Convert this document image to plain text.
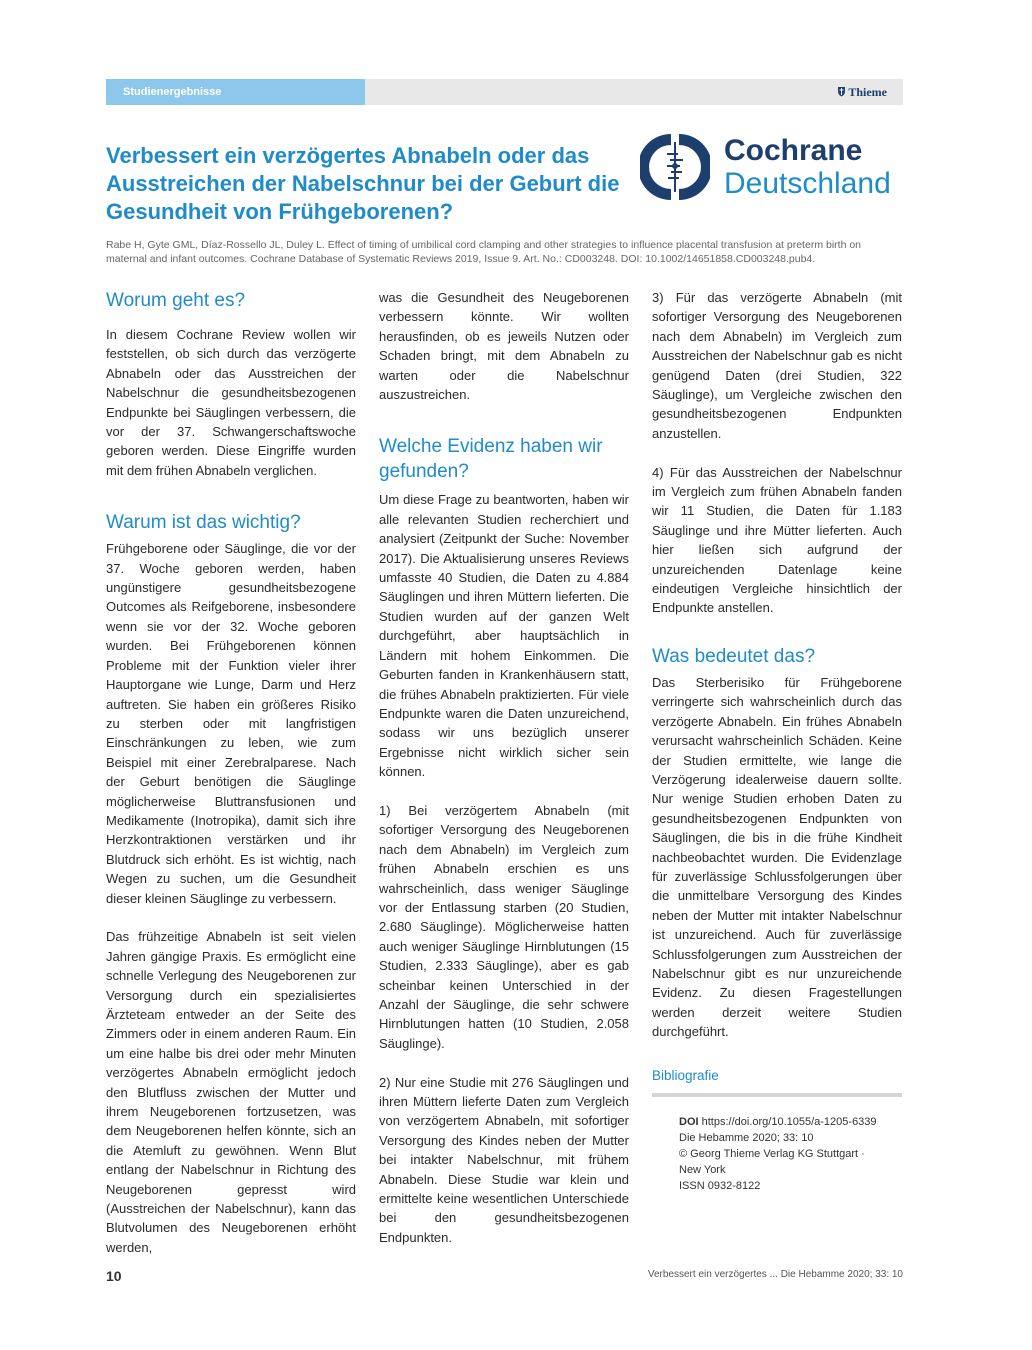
Studienergebnisse	Thieme
Verbessert ein verzögertes Abnabeln oder das Ausstreichen der Nabelschnur bei der Geburt die Gesundheit von Frühgeborenen?
Cochrane
Deutschland

Rabe H, Gyte GML, Díaz-Rossello JL, Duley L. Effect of timing of umbilical cord clamping and other strategies to influence placental transfusion at preterm birth on maternal and infant outcomes. Cochrane Database of Systematic Reviews 2019, Issue 9. Art. No.: CD003248. DOI: 10.1002/14651858.CD003248.pub4.

Worum geht es?

In diesem Cochrane Review wollen wir feststellen, ob sich durch das verzögerte Abnabeln oder das Ausstreichen der Nabelschnur die gesundheitsbezogenen Endpunkte bei Säuglingen verbessern, die vor der 37. Schwangerschaftswoche geboren werden. Diese Eingriffe wurden mit dem frühen Abnabeln verglichen.

Warum ist das wichtig?

Frühgeborene oder Säuglinge, die vor der 37. Woche geboren werden, haben ungünstigere gesundheitsbezogene Outcomes als Reifgeborene, insbesondere wenn sie vor der 32. Woche geboren wurden. Bei Frühgeborenen können Probleme mit der Funktion vieler ihrer Hauptorgane wie Lunge, Darm und Herz auftreten. Sie haben ein größeres Risiko zu sterben oder mit langfristigen Einschränkungen zu leben, wie zum Beispiel mit einer Zerebralparese. Nach der Geburt benötigen die Säuglinge möglicherweise Bluttransfusionen und Medikamente (Inotropika), damit sich ihre Herzkontraktionen verstärken und ihr Blutdruck sich erhöht. Es ist wichtig, nach Wegen zu suchen, um die Gesundheit dieser kleinen Säuglinge zu verbessern.

Das frühzeitige Abnabeln ist seit vielen Jahren gängige Praxis. Es ermöglicht eine schnelle Verlegung des Neugeborenen zur Versorgung durch ein spezialisiertes Ärzteteam entweder an der Seite des Zimmers oder in einem anderen Raum. Ein um eine halbe bis drei oder mehr Minuten verzögertes Abnabeln ermöglicht jedoch den Blutfluss zwischen der Mutter und ihrem Neugeborenen fortzusetzen, was dem Neugeborenen helfen könnte, sich an die Atemluft zu gewöhnen. Wenn Blut entlang der Nabelschnur in Richtung des Neugeborenen gepresst wird (Ausstreichen der Nabelschnur), kann das Blutvolumen des Neugeborenen erhöht werden,

was die Gesundheit des Neugeborenen verbessern könnte. Wir wollten herausfinden, ob es jeweils Nutzen oder Schaden bringt, mit dem Abnabeln zu warten oder die Nabelschnur auszustreichen.

Welche Evidenz haben wir gefunden?

Um diese Frage zu beantworten, haben wir alle relevanten Studien recherchiert und analysiert (Zeitpunkt der Suche: November 2017). Die Aktualisierung unseres Reviews umfasste 40 Studien, die Daten zu 4.884 Säuglingen und ihren Müttern lieferten. Die Studien wurden auf der ganzen Welt durchgeführt, aber hauptsächlich in Ländern mit hohem Einkommen. Die Geburten fanden in Krankenhäusern statt, die frühes Abnabeln praktizierten. Für viele Endpunkte waren die Daten unzureichend, sodass wir uns bezüglich unserer Ergebnisse nicht wirklich sicher sein können.

1) Bei verzögertem Abnabeln (mit sofortiger Versorgung des Neugeborenen nach dem Abnabeln) im Vergleich zum frühen Abnabeln erschien es uns wahrscheinlich, dass weniger Säuglinge vor der Entlassung starben (20 Studien, 2.680 Säuglinge). Möglicherweise hatten auch weniger Säuglinge Hirnblutungen (15 Studien, 2.333 Säuglinge), aber es gab scheinbar keinen Unterschied in der Anzahl der Säuglinge, die sehr schwere Hirnblutungen hatten (10 Studien, 2.058 Säuglinge).

2) Nur eine Studie mit 276 Säuglingen und ihren Müttern lieferte Daten zum Vergleich von verzögertem Abnabeln, mit sofortiger Versorgung des Kindes neben der Mutter bei intakter Nabelschnur, mit frühem Abnabeln. Diese Studie war klein und ermittelte keine wesentlichen Unterschiede bei den gesundheitsbezogenen Endpunkten.

3) Für das verzögerte Abnabeln (mit sofortiger Versorgung des Neugeborenen nach dem Abnabeln) im Vergleich zum Ausstreichen der Nabelschnur gab es nicht genügend Daten (drei Studien, 322 Säuglinge), um Vergleiche zwischen den gesundheitsbezogenen Endpunkten anzustellen.

4) Für das Ausstreichen der Nabelschnur im Vergleich zum frühen Abnabeln fanden wir 11 Studien, die Daten für 1.183 Säuglinge und ihre Mütter lieferten. Auch hier ließen sich aufgrund der unzureichenden Datenlage keine eindeutigen Vergleiche hinsichtlich der Endpunkte anstellen.

Was bedeutet das?

Das Sterberisiko für Frühgeborene verringerte sich wahrscheinlich durch das verzögerte Abnabeln. Ein frühes Abnabeln verursacht wahrscheinlich Schäden. Keine der Studien ermittelte, wie lange die Verzögerung idealerweise dauern sollte. Nur wenige Studien erhoben Daten zu gesundheitsbezogenen Endpunkten von Säuglingen, die bis in die frühe Kindheit nachbeobachtet wurden. Die Evidenzlage für zuverlässige Schlussfolgerungen über die unmittelbare Versorgung des Kindes neben der Mutter mit intakter Nabelschnur ist unzureichend. Auch für zuverlässige Schlussfolgerungen zum Ausstreichen der Nabelschnur gibt es nur unzureichende Evidenz. Zu diesen Fragestellungen werden derzeit weitere Studien durchgeführt.

Bibliografie
DOI https://doi.org/10.1055/a-1205-6339
Die Hebamme 2020; 33: 10
© Georg Thieme Verlag KG Stuttgart ·
New York
ISSN 0932-8122
10	Verbessert ein verzögertes ... Die Hebamme 2020; 33: 10
